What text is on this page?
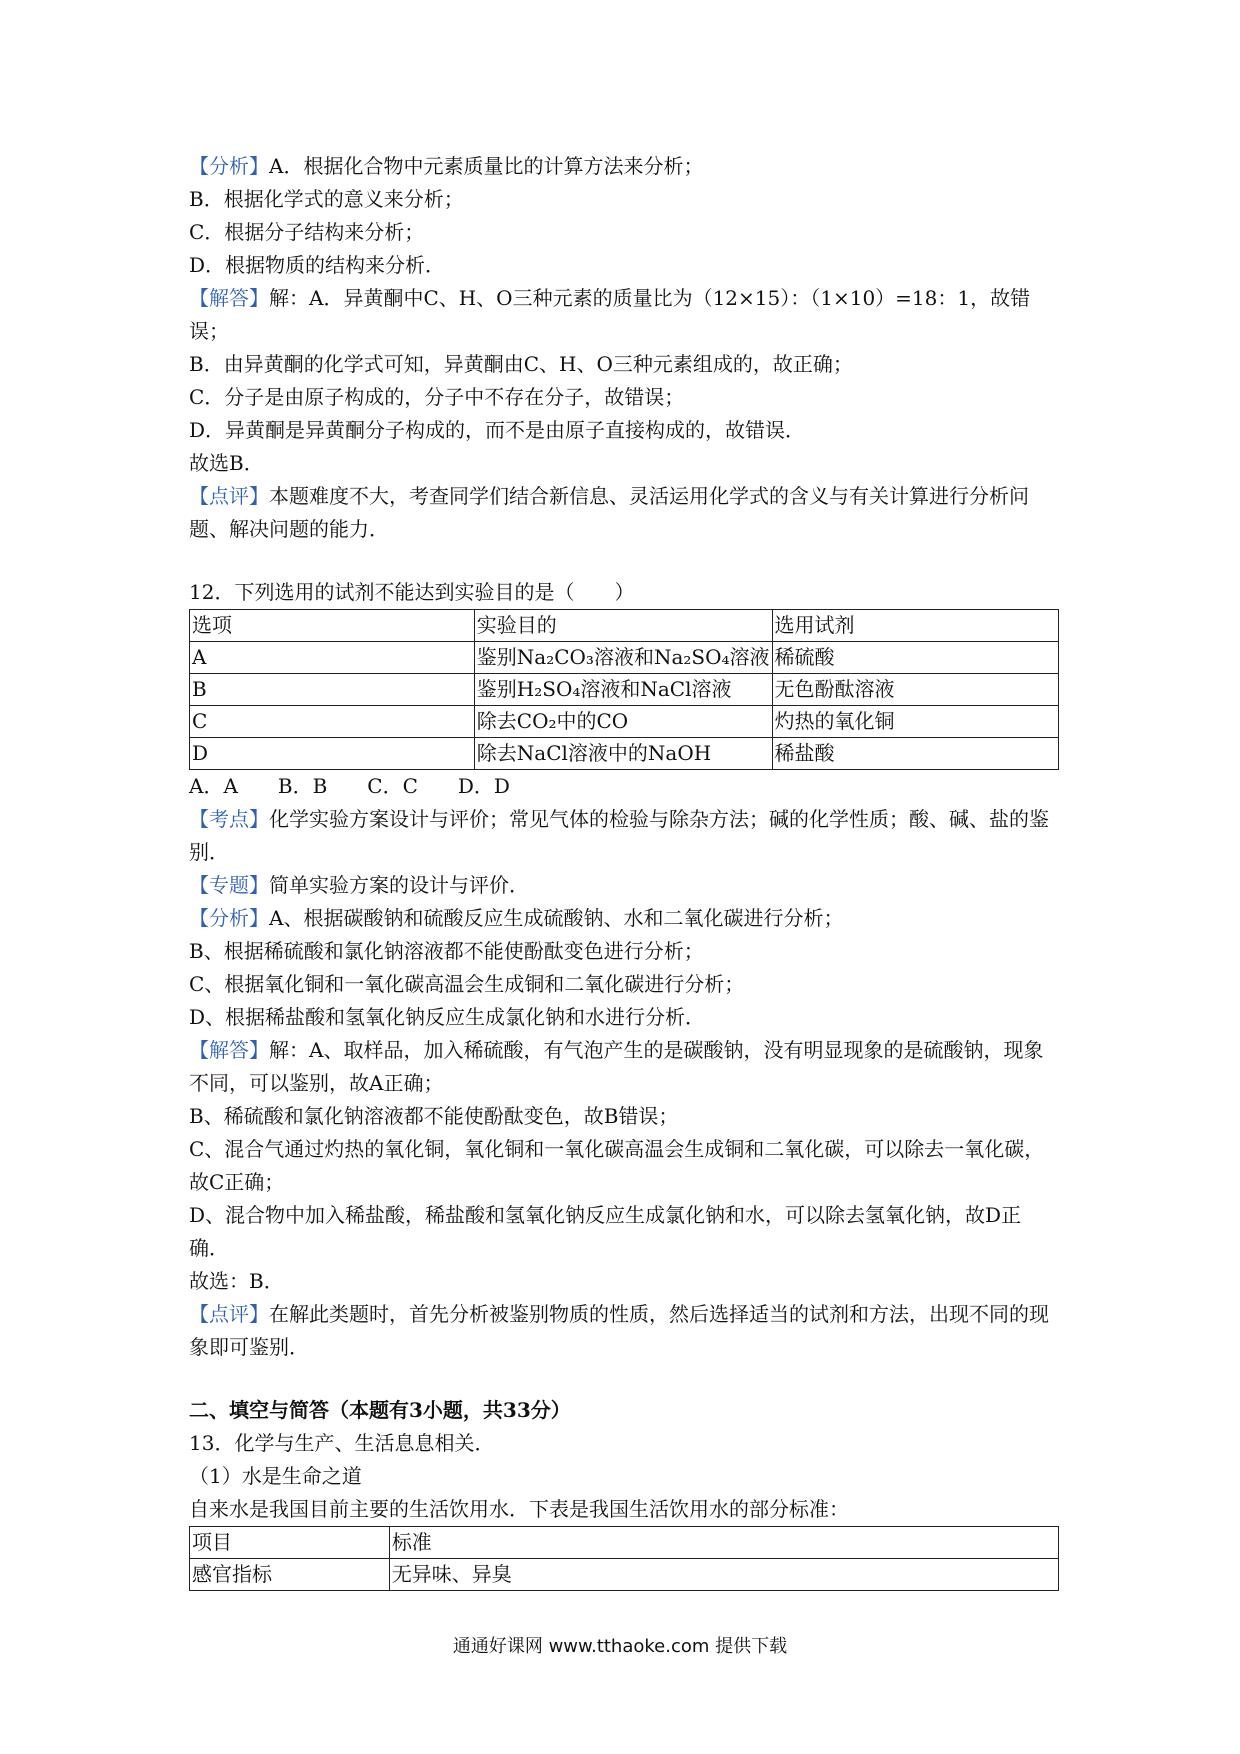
【分析】A．根据化合物中元素质量比的计算方法来分析；

B．根据化学式的意义来分析；

C．根据分子结构来分析；

D．根据物质的结构来分析．

【解答】解：A．异黄酮中C、H、O三种元素的质量比为（12×15）：（1×10）=18：1，故错误；

B．由异黄酮的化学式可知，异黄酮由C、H、O三种元素组成的，故正确；

C．分子是由原子构成的，分子中不存在分子，故错误；

D．异黄酮是异黄酮分子构成的，而不是由原子直接构成的，故错误．

故选B．

【点评】本题难度不大，考查同学们结合新信息、灵活运用化学式的含义与有关计算进行分析问题、解决问题的能力．

12．下列选用的试剂不能达到实验目的是（　　）

选项	实验目的	选用试剂
A	鉴别Na₂CO₃溶液和Na₂SO₄溶液	稀硫酸
B	鉴别H₂SO₄溶液和NaCl溶液	无色酚酞溶液
C	除去CO₂中的CO	灼热的氧化铜
D	除去NaCl溶液中的NaOH	稀盐酸

A．A　　B．B　　C．C　　D．D

【考点】化学实验方案设计与评价；常见气体的检验与除杂方法；碱的化学性质；酸、碱、盐的鉴别．

【专题】简单实验方案的设计与评价．

【分析】A、根据碳酸钠和硫酸反应生成硫酸钠、水和二氧化碳进行分析；

B、根据稀硫酸和氯化钠溶液都不能使酚酞变色进行分析；

C、根据氧化铜和一氧化碳高温会生成铜和二氧化碳进行分析；

D、根据稀盐酸和氢氧化钠反应生成氯化钠和水进行分析．

【解答】解：A、取样品，加入稀硫酸，有气泡产生的是碳酸钠，没有明显现象的是硫酸钠，现象不同，可以鉴别，故A正确；

B、稀硫酸和氯化钠溶液都不能使酚酞变色，故B错误；

C、混合气通过灼热的氧化铜，氧化铜和一氧化碳高温会生成铜和二氧化碳，可以除去一氧化碳，故C正确；

D、混合物中加入稀盐酸，稀盐酸和氢氧化钠反应生成氯化钠和水，可以除去氢氧化钠，故D正确．

故选：B．

【点评】在解此类题时，首先分析被鉴别物质的性质，然后选择适当的试剂和方法，出现不同的现象即可鉴别．

二、填空与简答（本题有3小题，共33分）

13．化学与生产、生活息息相关．

（1）水是生命之道

自来水是我国目前主要的生活饮用水．下表是我国生活饮用水的部分标准：

项目	标准
感官指标	无异味、异臭
通通好课网 www.tthaoke.com 提供下载
